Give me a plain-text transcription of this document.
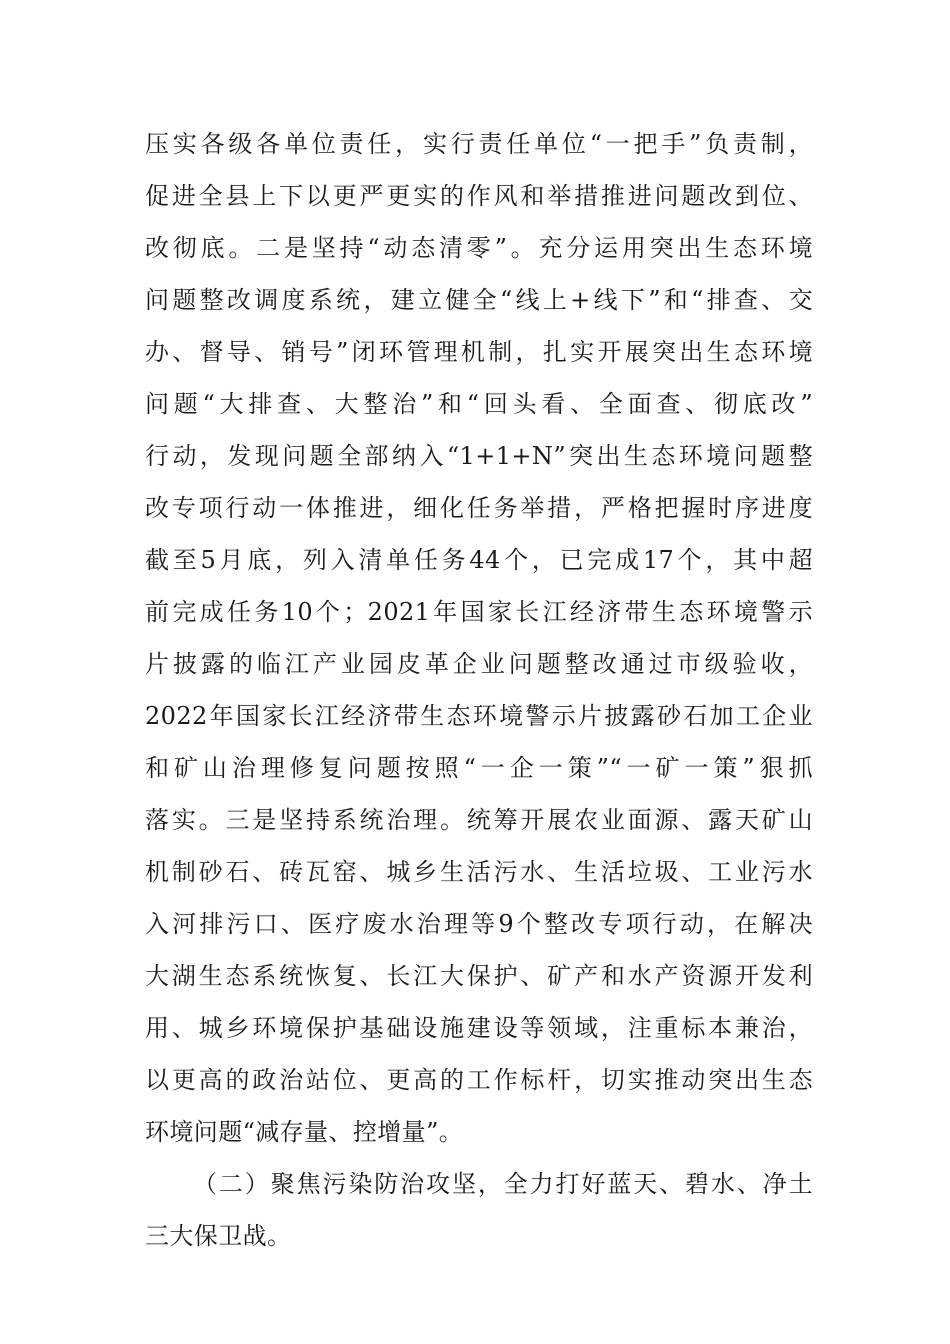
压实各级各单位责任，实行责任单位“一把手”负责制，
促进全县上下以更严更实的作风和举措推进问题改到位、
改彻底。二是坚持“动态清零”。充分运用突出生态环境
问题整改调度系统，建立健全“线上+线下”和“排查、交
办、督导、销号”闭环管理机制，扎实开展突出生态环境
问题“大排查、大整治”和“回头看、全面查、彻底改”
行动，发现问题全部纳入“1+1+N”突出生态环境问题整
改专项行动一体推进，细化任务举措，严格把握时序进度
截至5月底，列入清单任务44个，已完成17个，其中超
前完成任务10个；2021年国家长江经济带生态环境警示
片披露的临江产业园皮革企业问题整改通过市级验收，
2022年国家长江经济带生态环境警示片披露砂石加工企业
和矿山治理修复问题按照“一企一策”“一矿一策”狠抓
落实。三是坚持系统治理。统筹开展农业面源、露天矿山
机制砂石、砖瓦窑、城乡生活污水、生活垃圾、工业污水
入河排污口、医疗废水治理等9个整改专项行动，在解决
大湖生态系统恢复、长江大保护、矿产和水产资源开发利
用、城乡环境保护基础设施建设等领域，注重标本兼治，
以更高的政治站位、更高的工作标杆，切实推动突出生态
环境问题“减存量、控增量”。
（二）聚焦污染防治攻坚，全力打好蓝天、碧水、净土
三大保卫战。
